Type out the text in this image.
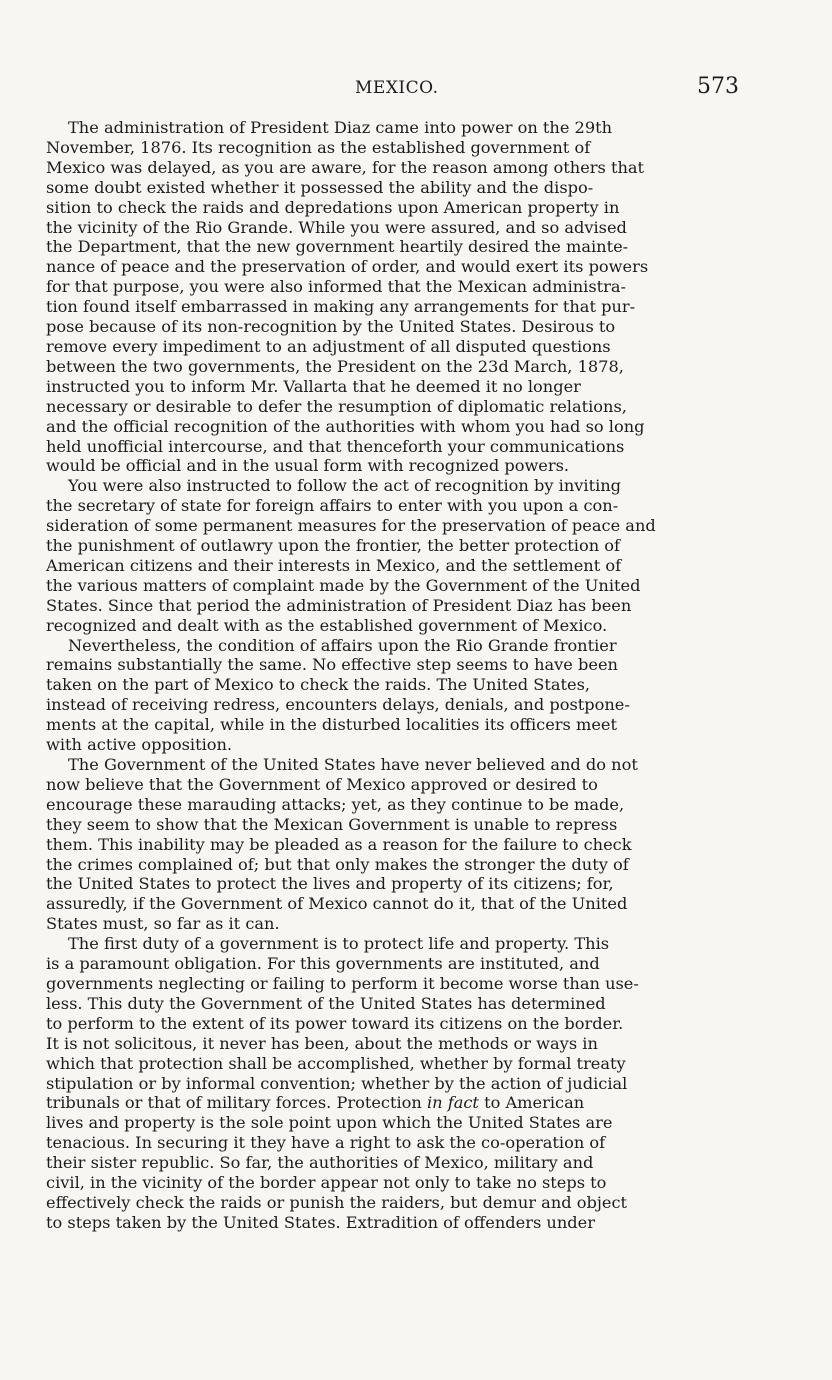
MEXICO.	573

The administration of President Diaz came into power on the 29th
November, 1876. Its recognition as the established government of
Mexico was delayed, as you are aware, for the reason among others that
some doubt existed whether it possessed the ability and the dispo-
sition to check the raids and depredations upon American property in
the vicinity of the Rio Grande. While you were assured, and so advised
the Department, that the new government heartily desired the mainte-
nance of peace and the preservation of order, and would exert its powers
for that purpose, you were also informed that the Mexican administra-
tion found itself embarrassed in making any arrangements for that pur-
pose because of its non-recognition by the United States. Desirous to
remove every impediment to an adjustment of all disputed questions
between the two governments, the President on the 23d March, 1878,
instructed you to inform Mr. Vallarta that he deemed it no longer
necessary or desirable to defer the resumption of diplomatic relations,
and the official recognition of the authorities with whom you had so long
held unofficial intercourse, and that thenceforth your communications
would be official and in the usual form with recognized powers.

You were also instructed to follow the act of recognition by inviting
the secretary of state for foreign affairs to enter with you upon a con-
sideration of some permanent measures for the preservation of peace and
the punishment of outlawry upon the frontier, the better protection of
American citizens and their interests in Mexico, and the settlement of
the various matters of complaint made by the Government of the United
States. Since that period the administration of President Diaz has been
recognized and dealt with as the established government of Mexico.

Nevertheless, the condition of affairs upon the Rio Grande frontier
remains substantially the same. No effective step seems to have been
taken on the part of Mexico to check the raids. The United States,
instead of receiving redress, encounters delays, denials, and postpone-
ments at the capital, while in the disturbed localities its officers meet
with active opposition.

The Government of the United States have never believed and do not
now believe that the Government of Mexico approved or desired to
encourage these marauding attacks; yet, as they continue to be made,
they seem to show that the Mexican Government is unable to repress
them. This inability may be pleaded as a reason for the failure to check
the crimes complained of; but that only makes the stronger the duty of
the United States to protect the lives and property of its citizens; for,
assuredly, if the Government of Mexico cannot do it, that of the United
States must, so far as it can.

The first duty of a government is to protect life and property. This
is a paramount obligation. For this governments are instituted, and
governments neglecting or failing to perform it become worse than use-
less. This duty the Government of the United States has determined
to perform to the extent of its power toward its citizens on the border.
It is not solicitous, it never has been, about the methods or ways in
which that protection shall be accomplished, whether by formal treaty
stipulation or by informal convention; whether by the action of judicial
tribunals or that of military forces. Protection in fact to American
lives and property is the sole point upon which the United States are
tenacious. In securing it they have a right to ask the co-operation of
their sister republic. So far, the authorities of Mexico, military and
civil, in the vicinity of the border appear not only to take no steps to
effectively check the raids or punish the raiders, but demur and object
to steps taken by the United States. Extradition of offenders under
